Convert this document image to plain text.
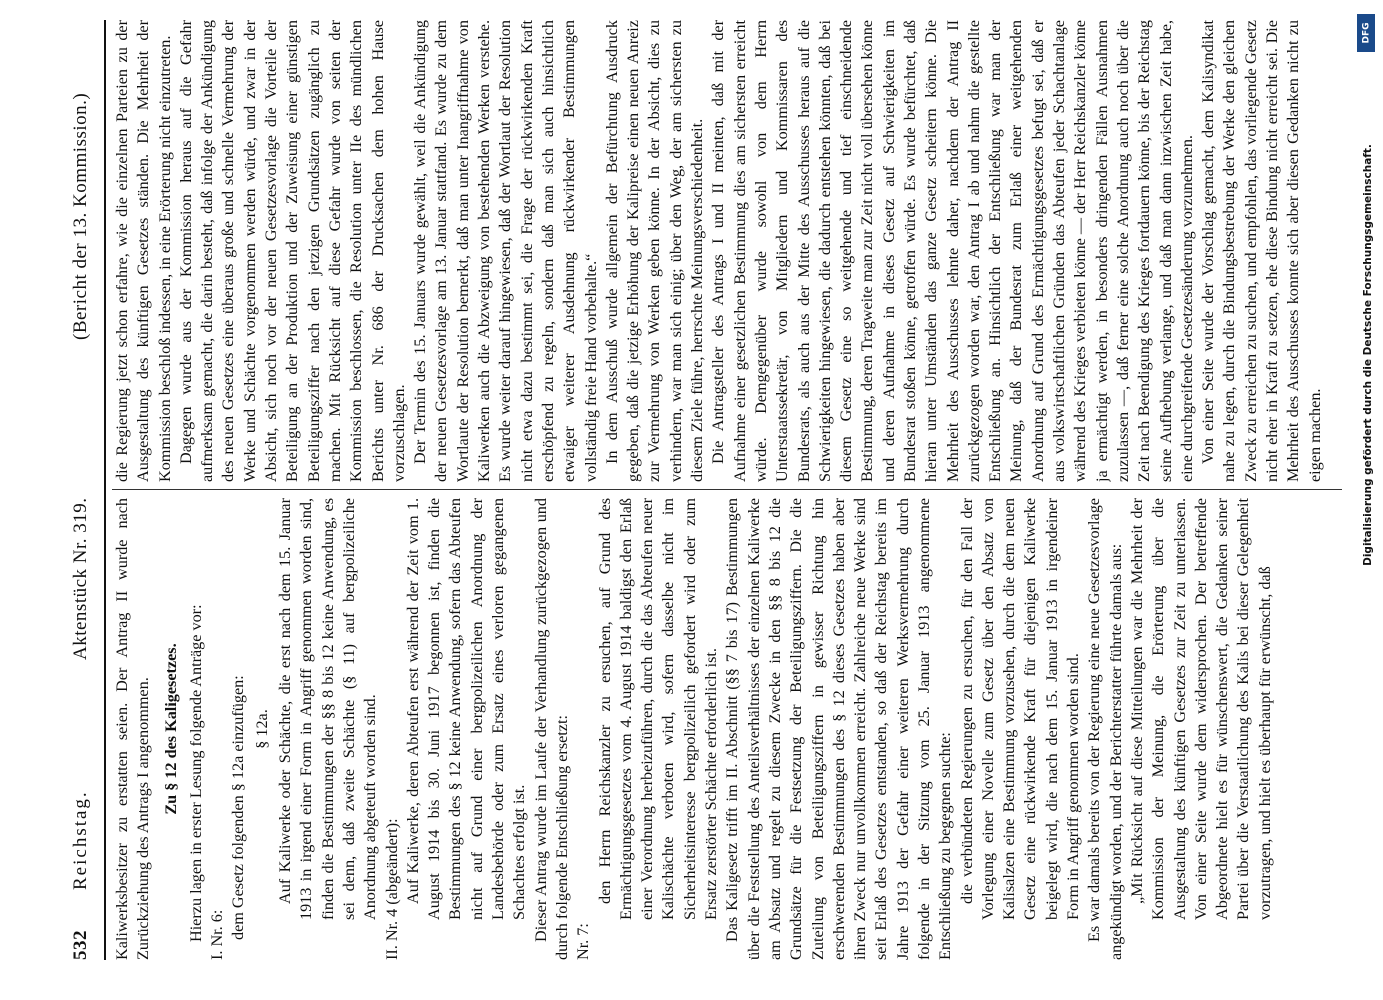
532
Reichstag.
Aktenstück Nr. 319.
(Bericht der 13. Kommission.)

Kaliwerksbesitzer zu erstatten seien. Der Antrag II wurde nach Zurückziehung des Antrags I angenommen. Zu § 12 des Kaligesetzes. Hierzu lagen in erster Lesung folgende Anträge vor: I. Nr. 6: dem Gesetz folgenden § 12a einzufügen: § 12a. Auf Kaliwerke oder Schächte, die erst nach dem 15. Januar 1913 in irgend einer Form in Angriff genommen worden sind, finden die Bestimmungen der §§ 8 bis 12 keine Anwendung, es sei denn, daß zweite Schächte (§ 11) auf bergpolizeiliche Anordnung abgeteuft worden sind. II. Nr. 4 (abgeändert): Auf Kaliwerke, deren Abteufen erst während der Zeit vom 1. August 1914 bis 30. Juni 1917 begonnen ist, finden die Bestimmungen des § 12 keine Anwendung, sofern das Abteufen nicht auf Grund einer bergpolizeilichen Anordnung der Landesbehörde oder zum Ersatz eines verloren gegangenen Schachtes erfolgt ist. Dieser Antrag wurde im Laufe der Verhandlung zurückgezogen und durch folgende Entschließung ersetzt: Nr. 7:

den Herrn Reichskanzler zu ersuchen, auf Grund des Ermächtigungsgesetzes vom 4. August 1914 baldigst den Erlaß einer Verordnung herbeizuführen, durch die das Abteufen neuer Kalischächte verboten wird, sofern dasselbe nicht im Sicherheitsinteresse bergpolizeilich gefordert wird oder zum Ersatz zerstörter Schächte erforderlich ist. Das Kaligesetz trifft im II. Abschnitt (§§ 7 bis 17) Bestimmungen über die Feststellung des Anteilsverhältnisses der einzelnen Kaliwerke am Absatz und regelt zu diesem Zwecke in den §§ 8 bis 12 die Grundsätze für die Festsetzung der Beteiligungsziffern. Die die Zuteilung von Beteiligungsziffern in gewisser Richtung hin erschwerenden Bestimmungen des § 12 dieses Gesetzes haben aber ihren Zweck nur unvollkommen erreicht. Zahlreiche neue Werke sind seit Erlaß des Gesetzes entstanden, so daß der Reichstag bereits im Jahre 1913 der Gefahr einer weiteren Werksvermehrung durch folgende in der Sitzung vom 25. Januar 1913 angenommene Entschließung zu begegnen suchte: die verbündeten Regierungen zu ersuchen, für den Fall der Vorlegung einer Novelle zum Gesetz über den Absatz von Kalisalzen eine Bestimmung vorzusehen, durch die dem neuen Gesetz eine rückwirkende Kraft für diejenigen Kaliwerke beigelegt wird, die nach dem 15. Januar 1913 in irgendeiner Form in Angriff genommen worden sind. Es war damals bereits von der Regierung eine neue Gesetzesvorlage angekündigt worden, und der Berichterstatter führte damals aus: „Mit Rücksicht auf diese Mitteilungen war die Mehrheit der Kommission der Meinung, die Erörterung über die Ausgestaltung des künftigen Gesetzes zur Zeit zu unterlassen. Von einer Seite wurde dem widersprochen. Der betreffende Abgeordnete hielt es für wünschenswert, die Gedanken seiner Partei über die Verstaatlichung des Kalis bei dieser Gelegenheit vorzutragen, und hielt es überhaupt für erwünscht, daß

die Regierung jetzt schon erfahre, wie die einzelnen Parteien zu der Ausgestaltung des künftigen Gesetzes ständen. Die Mehrheit der Kommission beschloß indessen, in eine Erörterung nicht einzutreten. Dagegen wurde aus der Kommission heraus auf die Gefahr aufmerksam gemacht, die darin besteht, daß infolge der Ankündigung des neuen Gesetzes eine überaus große und schnelle Vermehrung der Werke und Schächte vorgenommen werden würde, und zwar in der Absicht, sich noch vor der neuen Gesetzesvorlage die Vorteile der Beteiligung an der Produktion und der Zuweisung einer günstigen Beteiligungsziffer nach den jetzigen Grundsätzen zugänglich zu machen. Mit Rücksicht auf diese Gefahr wurde von seiten der Kommission beschlossen, die Resolution unter IIe des mündlichen Berichts unter Nr. 686 der Drucksachen dem hohen Hause vorzuschlagen. Der Termin des 15. Januars wurde gewählt, weil die Ankündigung der neuen Gesetzesvorlage am 13. Januar stattfand. Es wurde zu dem Wortlaute der Resolution bemerkt, daß man unter Inangriffnahme von Kaliwerken auch die Abzweigung von bestehenden Werken verstehe. Es wurde weiter darauf hingewiesen, daß der Wortlaut der Resolution nicht etwa dazu bestimmt sei, die Frage der rückwirkenden Kraft erschöpfend zu regeln, sondern daß man sich auch hinsichtlich etwaiger weiterer Ausdehnung rückwirkender Bestimmungen vollständig freie Hand vorbehalte.“ In dem Ausschuß wurde allgemein der Befürchtung Ausdruck gegeben, daß die jetzige Erhöhung der Kalipreise einen neuen Anreiz zur Vermehrung von Werken geben könne. In der Absicht, dies zu verhindern, war man sich einig; über den Weg, der am sichersten zu diesem Ziele führe, herrschte Meinungsverschiedenheit. Die Antragsteller des Antrags I und II meinten, daß mit der Aufnahme einer gesetzlichen Bestimmung dies am sichersten erreicht würde. Demgegenüber wurde sowohl von dem Herrn Unterstaatssekretär, von Mitgliedern und Kommissaren des Bundesrats, als auch aus der Mitte des Ausschusses heraus auf die Schwierigkeiten hingewiesen, die dadurch entstehen könnten, daß bei diesem Gesetz eine so weitgehende und tief einschneidende Bestimmung, deren Tragweite man zur Zeit nicht voll übersehen könne und deren Aufnahme in dieses Gesetz auf Schwierigkeiten im Bundesrat stoßen könne, getroffen würde. Es wurde befürchtet, daß hieran unter Umständen das ganze Gesetz scheitern könne. Die Mehrheit des Ausschusses lehnte daher, nachdem der Antrag II zurückgezogen worden war, den Antrag I ab und nahm die gestellte Entschließung an. Hinsichtlich der Entschließung war man der Meinung, daß der Bundesrat zum Erlaß einer weitgehenden Anordnung auf Grund des Ermächtigungsgesetzes befugt sei, daß er aus volkswirtschaftlichen Gründen das Abteufen jeder Schachtanlage während des Krieges verbieten könne — der Herr Reichskanzler könne ja ermächtigt werden, in besonders dringenden Fällen Ausnahmen zuzulassen —, daß ferner eine solche Anordnung auch noch über die Zeit nach Beendigung des Krieges fortdauern könne, bis der Reichstag seine Aufhebung verlange, und daß man dann inzwischen Zeit habe, eine durchgreifende Gesetzesänderung vorzunehmen. Von einer Seite wurde der Vorschlag gemacht, dem Kalisyndikat nahe zu legen, durch die Bindungsbestrebung der Werke den gleichen Zweck zu erreichen zu suchen, und empfohlen, das vorliegende Gesetz nicht eher in Kraft zu setzen, ehe diese Bindung nicht erreicht sei. Die Mehrheit des Ausschusses konnte sich aber diesen Gedanken nicht zu eigen machen.

DFG
Digitalisierung gefördert durch die Deutsche Forschungsgemeinschaft.
